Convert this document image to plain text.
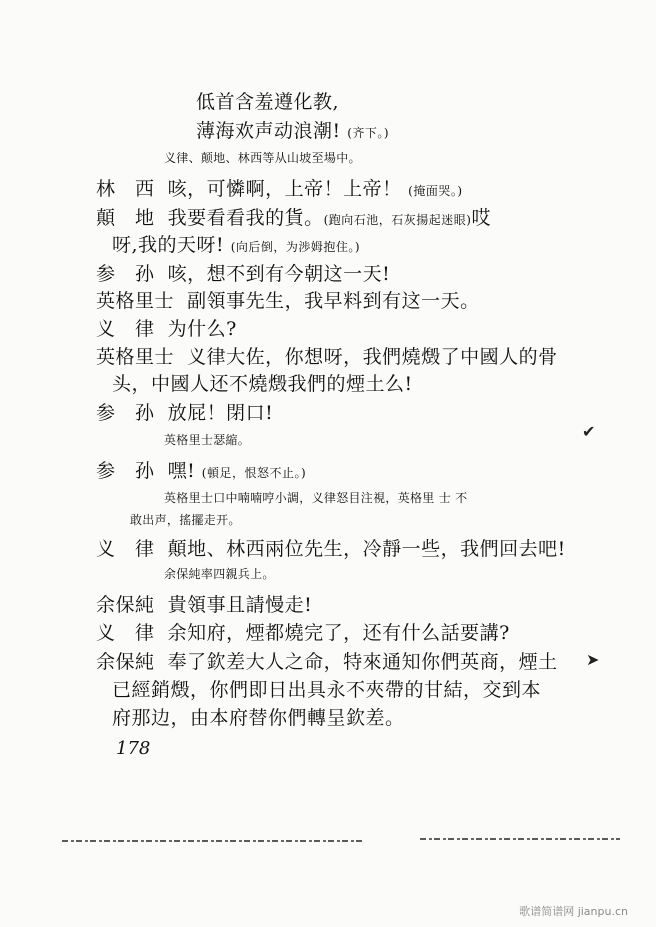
低首含羞遵化教,
薄海欢声动浪潮! (齐下。)
义律、颠地、林西等从山坡至場中。
林　西 咳，可憐啊，上帝！上帝！ (掩面哭。)
顛　地 我要看看我的貨。(跑向石池，石灰揚起迷眼)哎
呀,我的天呀! (向后倒，为渉姆抱住。)
参　孙 咳，想不到有今朝这一天!
英格里士 副領事先生，我早料到有这一天。
义　律 为什么?
英格里士 义律大佐，你想呀，我們燒燬了中國人的骨
头，中國人还不燒燬我們的煙土么!
参　孙 放屁！閉口!
英格里士瑟縮。
参　孙 嘿! (頓足，恨怒不止。)
英格里士口中喃喃哼小調，义律怒目注視，英格里 士 不
敢出声，搖擺走开。
义　律 顛地、林西兩位先生，冷靜一些，我們回去吧!
余保純率四親兵上。
余保純 貴領事且請慢走!
义　律 余知府，煙都燒完了，还有什么話要講?
余保純 奉了欽差大人之命，特來通知你們英商，煙土
已經銷燬，你們即日出具永不夾帶的甘結，交到本
府那边，由本府替你們轉呈欽差。
178
✔
➤
歌谱简谱网 jianpu.cn
